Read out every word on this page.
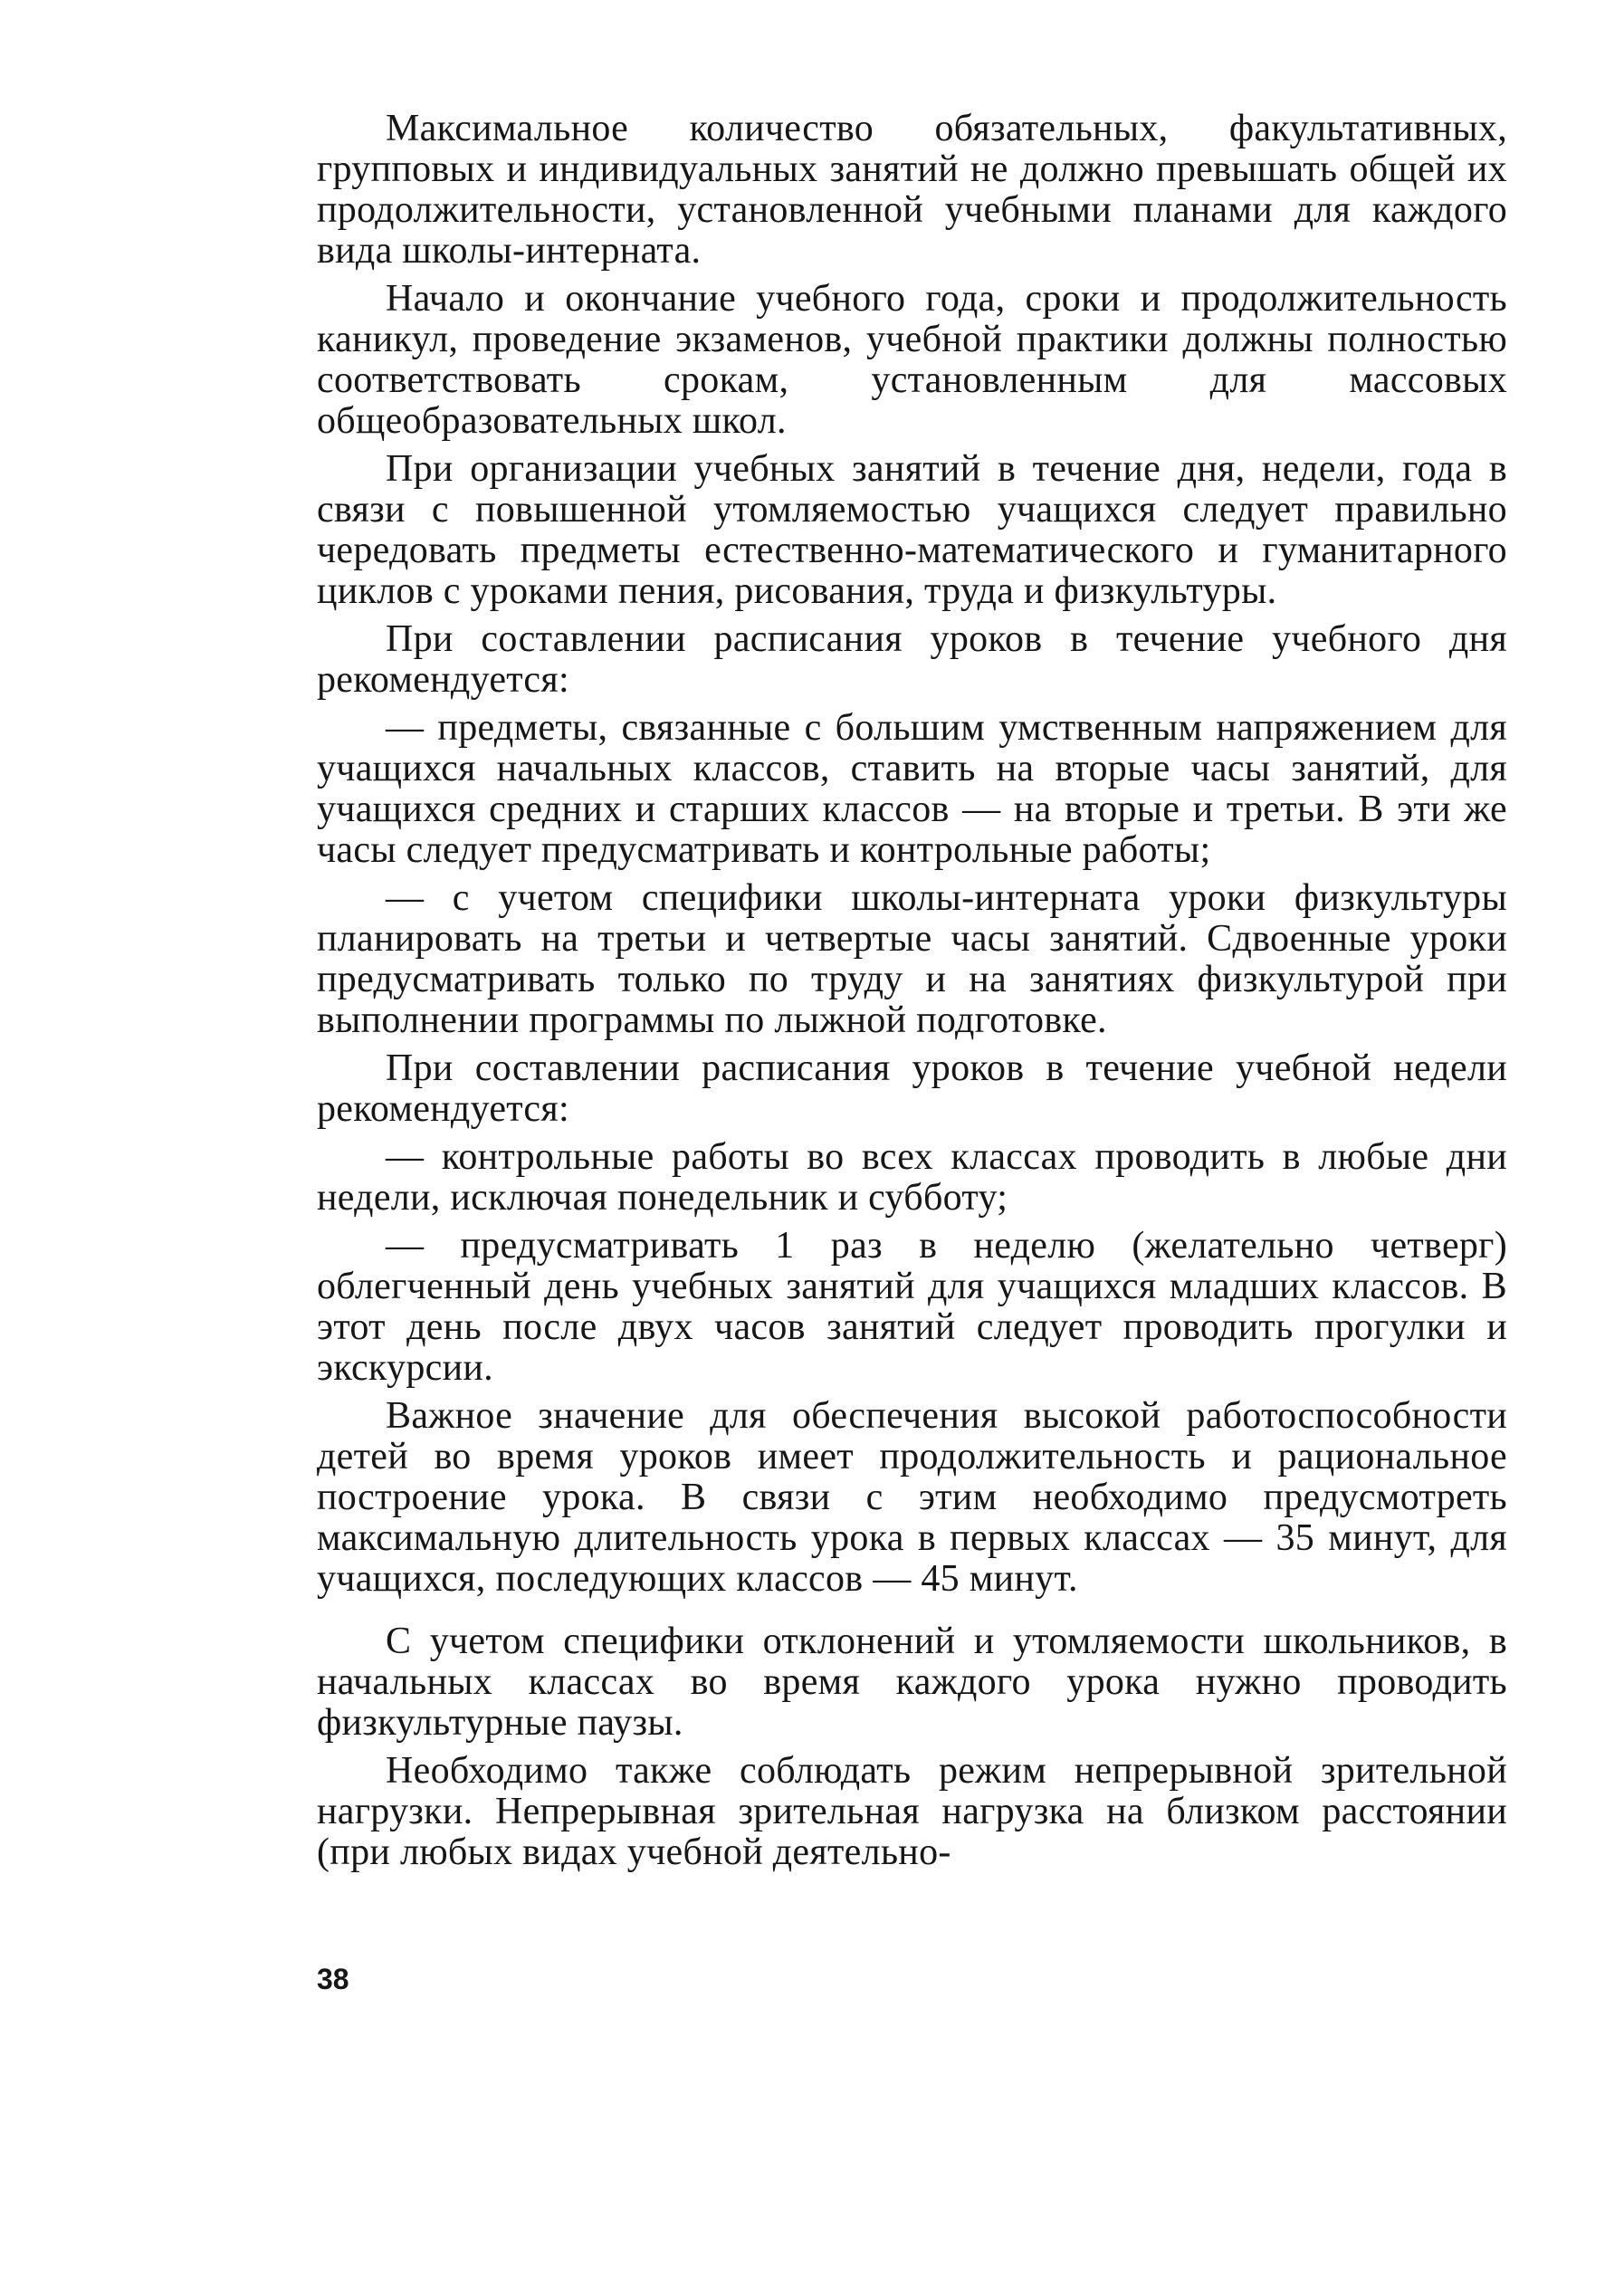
Максимальное количество обязательных, факультативных, групповых и индивидуальных занятий не должно превышать общей их продолжительности, установленной учебными планами для каждого вида школы-интерната.

Начало и окончание учебного года, сроки и продолжительность каникул, проведение экзаменов, учебной практики должны полностью соответствовать срокам, установленным для массовых общеобразовательных школ.

При организации учебных занятий в течение дня, недели, года в связи с повышенной утомляемостью учащихся следует правильно чередовать предметы естественно-математического и гуманитарного циклов с уроками пения, рисования, труда и физкультуры.

При составлении расписания уроков в течение учебного дня рекомендуется:

— предметы, связанные с большим умственным напряжением для учащихся начальных классов, ставить на вторые часы занятий, для учащихся средних и старших классов — на вторые и третьи. В эти же часы следует предусматривать и контрольные работы;

— с учетом специфики школы-интерната уроки физкультуры планировать на третьи и четвертые часы занятий. Сдвоенные уроки предусматривать только по труду и на занятиях физкультурой при выполнении программы по лыжной подготовке.

При составлении расписания уроков в течение учебной недели рекомендуется:

— контрольные работы во всех классах проводить в любые дни недели, исключая понедельник и субботу;

— предусматривать 1 раз в неделю (желательно четверг) облегченный день учебных занятий для учащихся младших классов. В этот день после двух часов занятий следует проводить прогулки и экскурсии.

Важное значение для обеспечения высокой работоспособности детей во время уроков имеет продолжительность и рациональное построение урока. В связи с этим необходимо предусмотреть максимальную длительность урока в первых классах — 35 минут, для учащихся, последующих классов — 45 минут.

С учетом специфики отклонений и утомляемости школьников, в начальных классах во время каждого урока нужно проводить физкультурные паузы.

Необходимо также соблюдать режим непрерывной зрительной нагрузки. Непрерывная зрительная нагрузка на близком расстоянии (при любых видах учебной деятельно-

38
